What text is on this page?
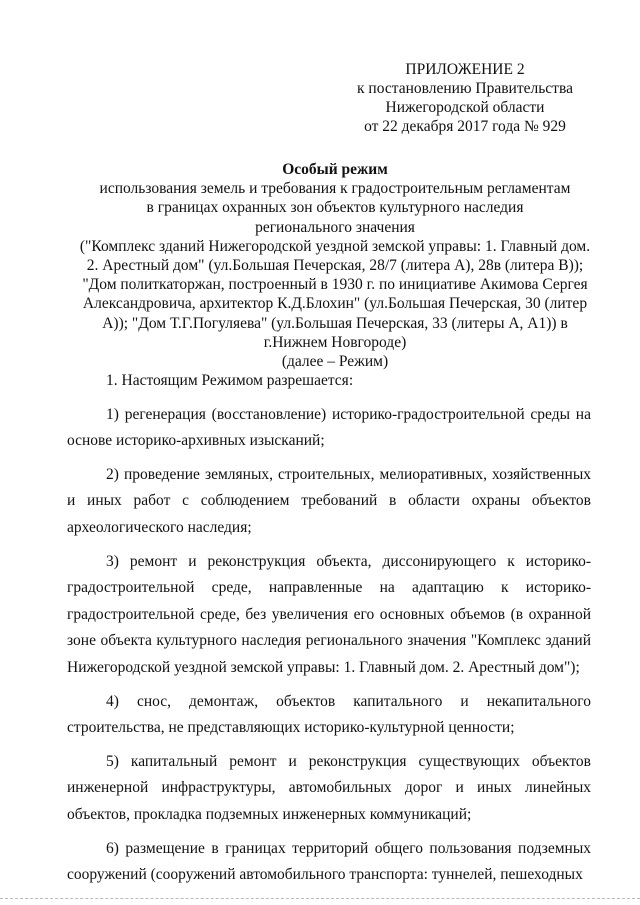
ПРИЛОЖЕНИЕ 2
к постановлению Правительства
Нижегородской области
от 22 декабря 2017 года № 929
Особый режим
использования земель и требования к градостроительным регламентам
в границах охранных зон объектов культурного наследия
регионального значения
("Комплекс зданий Нижегородской уездной земской управы: 1. Главный дом.
2. Арестный дом" (ул.Большая Печерская, 28/7 (литера А), 28в (литера В));
"Дом политкаторжан, построенный в 1930 г. по инициативе Акимова Сергея
Александровича, архитектор К.Д.Блохин" (ул.Большая Печерская, 30 (литер
А)); "Дом Т.Г.Погуляева" (ул.Большая Печерская, 33 (литеры А, А1)) в
г.Нижнем Новгороде)
(далее – Режим)

1. Настоящим Режимом разрешается:

1) регенерация (восстановление) историко-градостроительной среды на основе историко-архивных изысканий;

2) проведение земляных, строительных, мелиоративных, хозяйственных и иных работ с соблюдением требований в области охраны объектов археологического наследия;

3) ремонт и реконструкция объекта, диссонирующего к историко-градостроительной среде, направленные на адаптацию к историко-градостроительной среде, без увеличения его основных объемов (в охранной зоне объекта культурного наследия регионального значения "Комплекс зданий Нижегородской уездной земской управы: 1. Главный дом. 2. Арестный дом");

4) снос, демонтаж, объектов капитального и некапитального строительства, не представляющих историко-культурной ценности;

5) капитальный ремонт и реконструкция существующих объектов инженерной инфраструктуры, автомобильных дорог и иных линейных объектов, прокладка подземных инженерных коммуникаций;

6) размещение в границах территорий общего пользования подземных сооружений (сооружений автомобильного транспорта: туннелей, пешеходных
